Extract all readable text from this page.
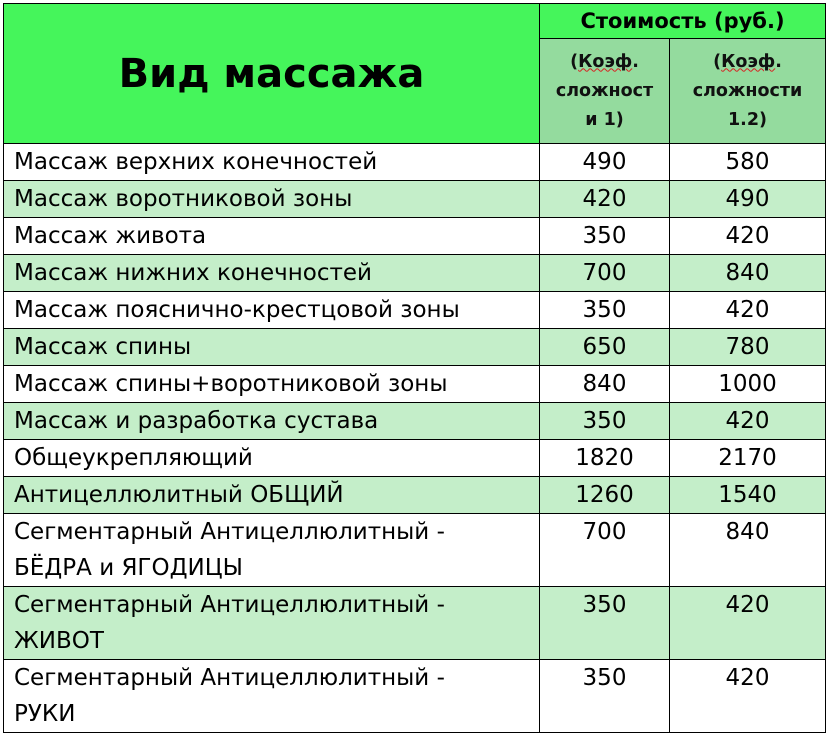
Вид массажа	Стоимость (руб.)	
	(Коэф.
сложност
и 1)	(Коэф.
сложности
1.2)

Массаж верхних конечностей	490	580

Массаж воротниковой зоны	420	490

Массаж живота	350	420

Массаж нижних конечностей	700	840

Массаж пояснично-крестцовой зоны	350	420

Массаж спины	650	780

Массаж спины+воротниковой зоны	840	1000

Массаж и разработка сустава	350	420

Общеукрепляющий	1820	2170

Антицеллюлитный ОБЩИЙ	1260	1540

Сегментарный Антицеллюлитный -
БЁДРА и ЯГОДИЦЫ	700	840

Сегментарный Антицеллюлитный -
ЖИВОТ	350	420

Сегментарный Антицеллюлитный -
РУКИ	350	420
